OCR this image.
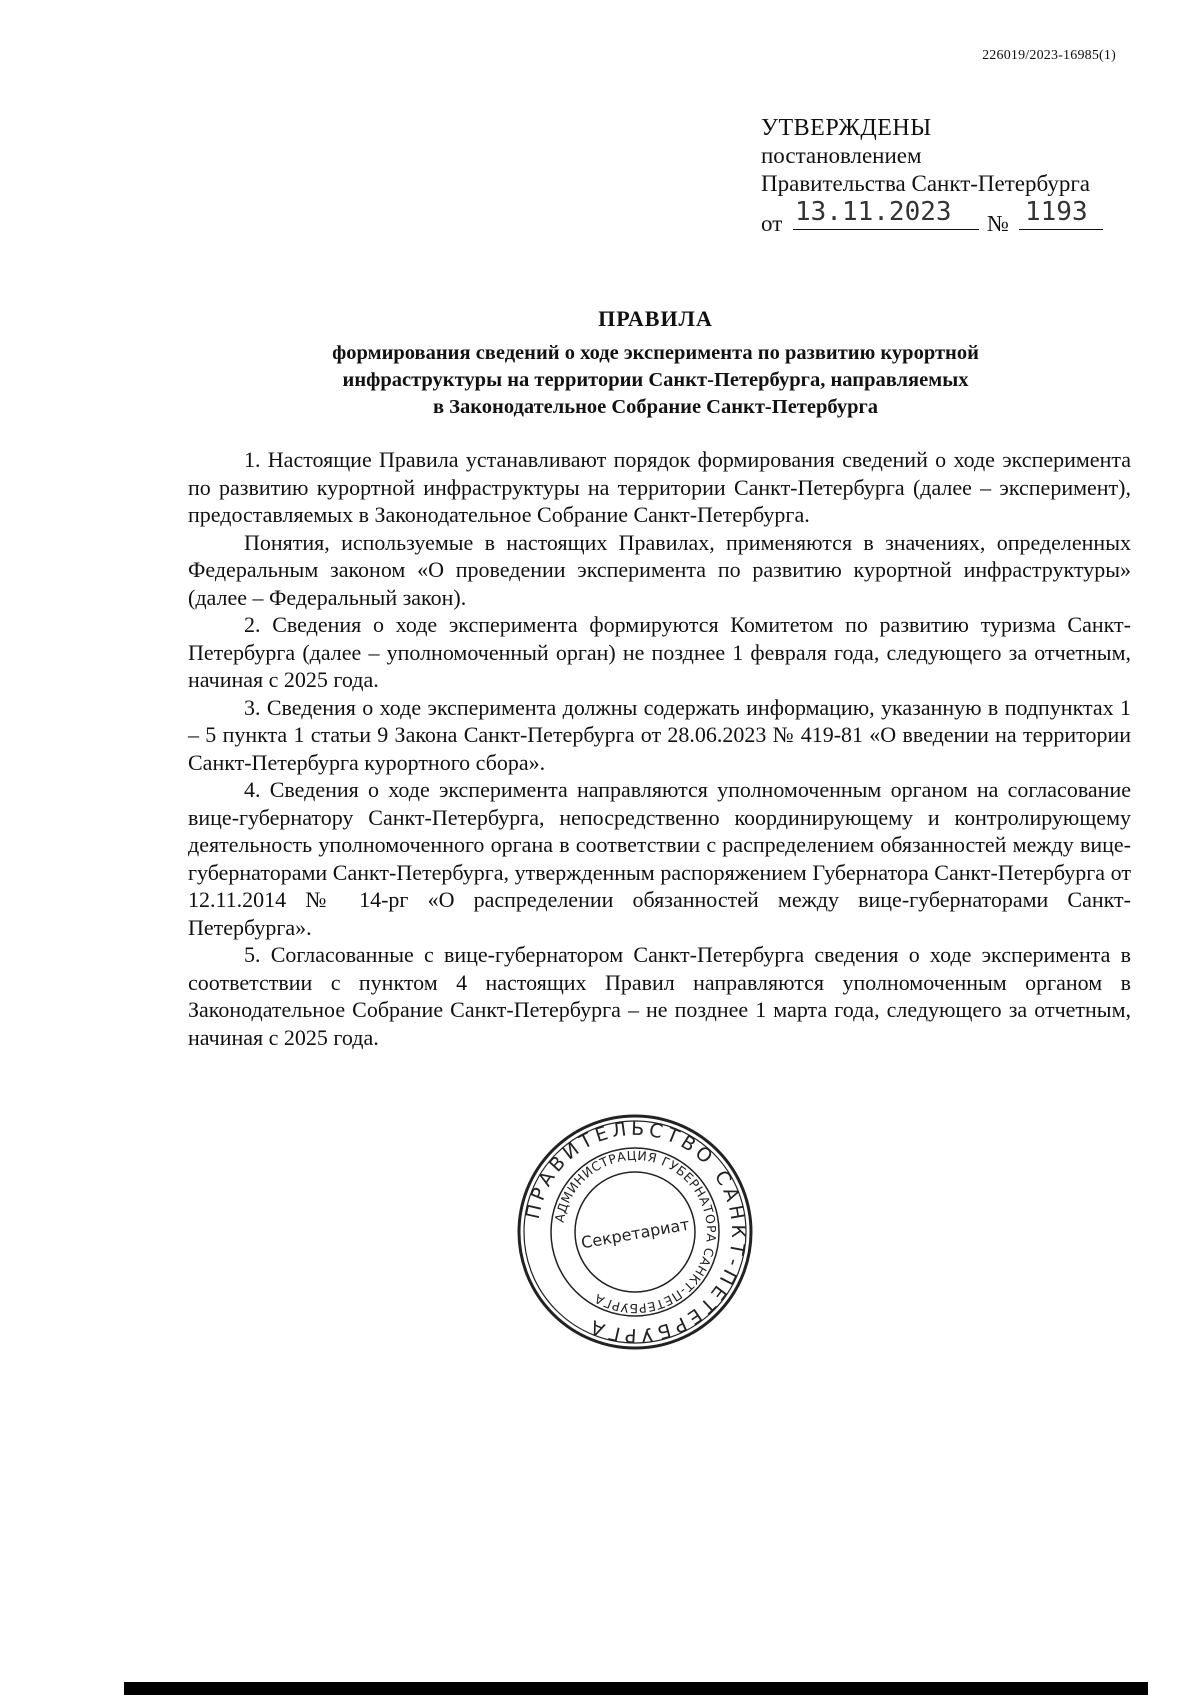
226019/2023-16985(1)
УТВЕРЖДЕНЫ
постановлением
Правительства Санкт-Петербурга
от 13.11.2023	№ 1193
ПРАВИЛА
формирования сведений о ходе эксперимента по развитию курортной
инфраструктуры на территории Санкт-Петербурга, направляемых
в Законодательное Собрание Санкт-Петербурга

1. Настоящие Правила устанавливают порядок формирования сведений о ходе эксперимента по развитию курортной инфраструктуры на территории Санкт-Петербурга (далее – эксперимент), предоставляемых в Законодательное Собрание Санкт-Петербурга.

Понятия, используемые в настоящих Правилах, применяются в значениях, определенных Федеральным законом «О проведении эксперимента по развитию курортной инфраструктуры» (далее – Федеральный закон).

2. Сведения о ходе эксперимента формируются Комитетом по развитию туризма Санкт-Петербурга (далее – уполномоченный орган) не позднее 1 февраля года, следующего за отчетным, начиная с 2025 года.

3. Сведения о ходе эксперимента должны содержать информацию, указанную в подпунктах 1 – 5 пункта 1 статьи 9 Закона Санкт-Петербурга от 28.06.2023 № 419-81 «О введении на территории Санкт-Петербурга курортного сбора».

4. Сведения о ходе эксперимента направляются уполномоченным органом на согласование вице-губернатору Санкт-Петербурга, непосредственно координирующему и контролирующему деятельность уполномоченного органа в соответствии с распределением обязанностей между вице-губернаторами Санкт-Петербурга, утвержденным распоряжением Губернатора Санкт-Петербурга от 12.11.2014 № 14-рг «О распределении обязанностей между вице-губернаторами Санкт-Петербурга».

5. Согласованные с вице-губернатором Санкт-Петербурга сведения о ходе эксперимента в соответствии с пунктом 4 настоящих Правил направляются уполномоченным органом в Законодательное Собрание Санкт-Петербурга – не позднее 1 марта года, следующего за отчетным, начиная с 2025 года.

ПРАВИТЕЛЬСТВО САНКТ-ПЕТЕРБУРГА
АДМИНИСТРАЦИЯ ГУБЕРНАТОРА САНКТ-ПЕТЕРБУРГА
Секретариат
